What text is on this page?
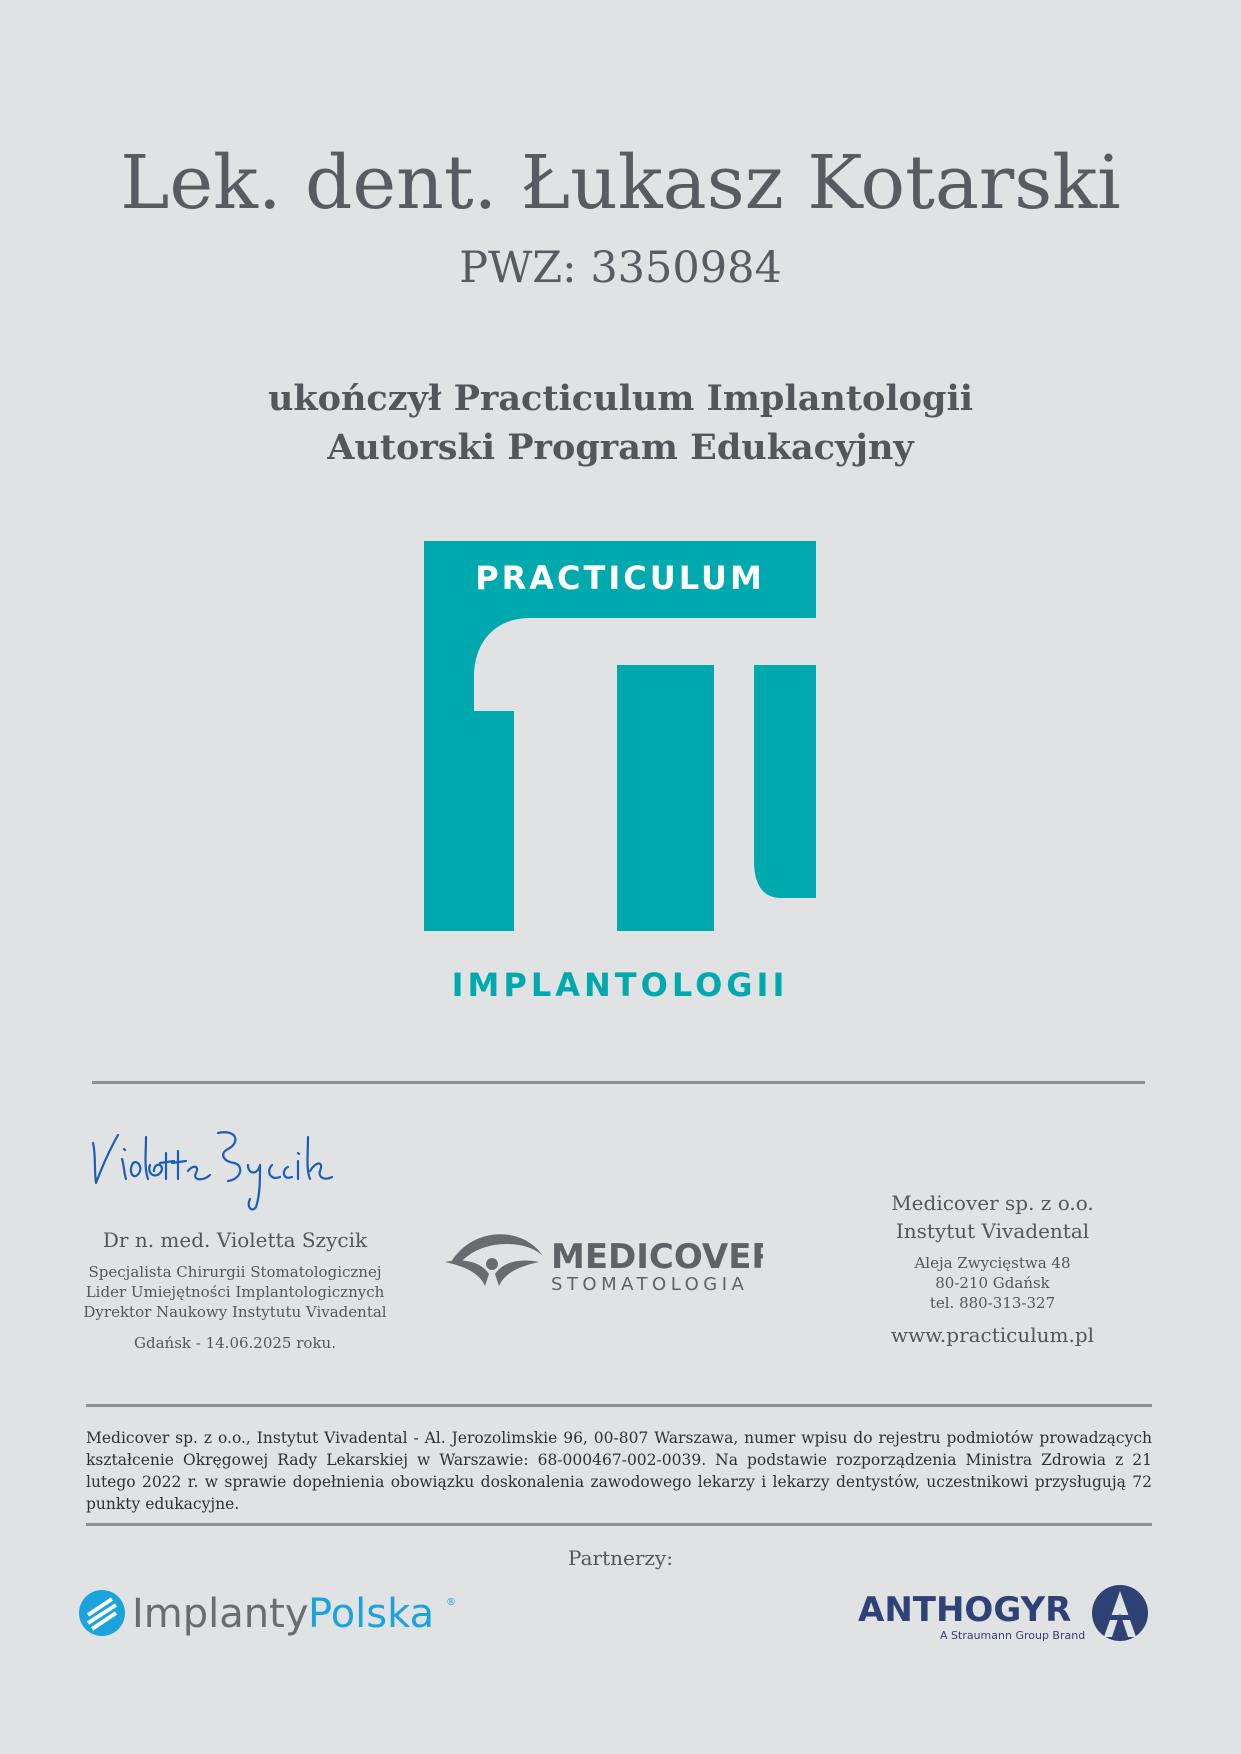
Lek. dent. Łukasz Kotarski
PWZ: 3350984
ukończył Practiculum Implantologii
Autorski Program Edukacyjny
PRACTICULUM
IMPLANTOLOGII
Dr n. med. Violetta Szycik
Specjalista Chirurgii Stomatologicznej
Lider Umiejętności Implantologicznych
Dyrektor Naukowy Instytutu Vivadental
Gdańsk - 14.06.2025 roku.
MEDICOVER
STOMATOLOGIA
Medicover sp. z o.o.
Instytut Vivadental
Aleja Zwycięstwa 48
80-210 Gdańsk
tel. 880-313-327
www.practiculum.pl
Medicover sp. z o.o., Instytut Vivadental - Al. Jerozolimskie 96, 00-807 Warszawa, numer wpisu do rejestru podmiotów prowadzących kształcenie Okręgowej Rady Lekarskiej w Warszawie: 68-000467-002-0039. Na podstawie rozporządzenia Ministra Zdrowia z 21 lutego 2022 r. w sprawie dopełnienia obowiązku doskonalenia zawodowego lekarzy i lekarzy dentystów, uczestnikowi przysługują 72 punkty edukacyjne.
Partnerzy:
Implanty Polska ®	ANTHOGYR
A Straumann Group Brand
